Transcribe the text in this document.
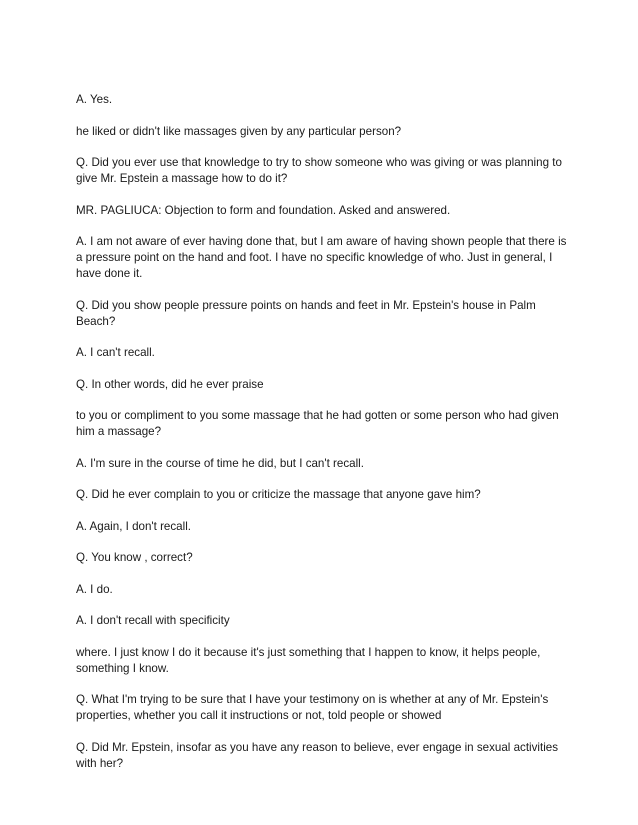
A. Yes.

he liked or didn't like massages given by any particular person?

Q. Did you ever use that knowledge to try to show someone who was giving or was planning to give Mr. Epstein a massage how to do it?

MR. PAGLIUCA: Objection to form and foundation. Asked and answered.

A. I am not aware of ever having done that, but I am aware of having shown people that there is a pressure point on the hand and foot. I have no specific knowledge of who. Just in general, I have done it.

Q. Did you show people pressure points on hands and feet in Mr. Epstein's house in Palm Beach?

A. I can't recall.

Q. In other words, did he ever praise

to you or compliment to you some massage that he had gotten or some person who had given him a massage?

A. I'm sure in the course of time he did, but I can't recall.

Q. Did he ever complain to you or criticize the massage that anyone gave him?

A. Again, I don't recall.

Q. You know , correct?

A. I do.

A. I don't recall with specificity

where. I just know I do it because it's just something that I happen to know, it helps people, something I know.

Q. What I'm trying to be sure that I have your testimony on is whether at any of Mr. Epstein's properties, whether you call it instructions or not, told people or showed

Q. Did Mr. Epstein, insofar as you have any reason to believe, ever engage in sexual activities with her?
